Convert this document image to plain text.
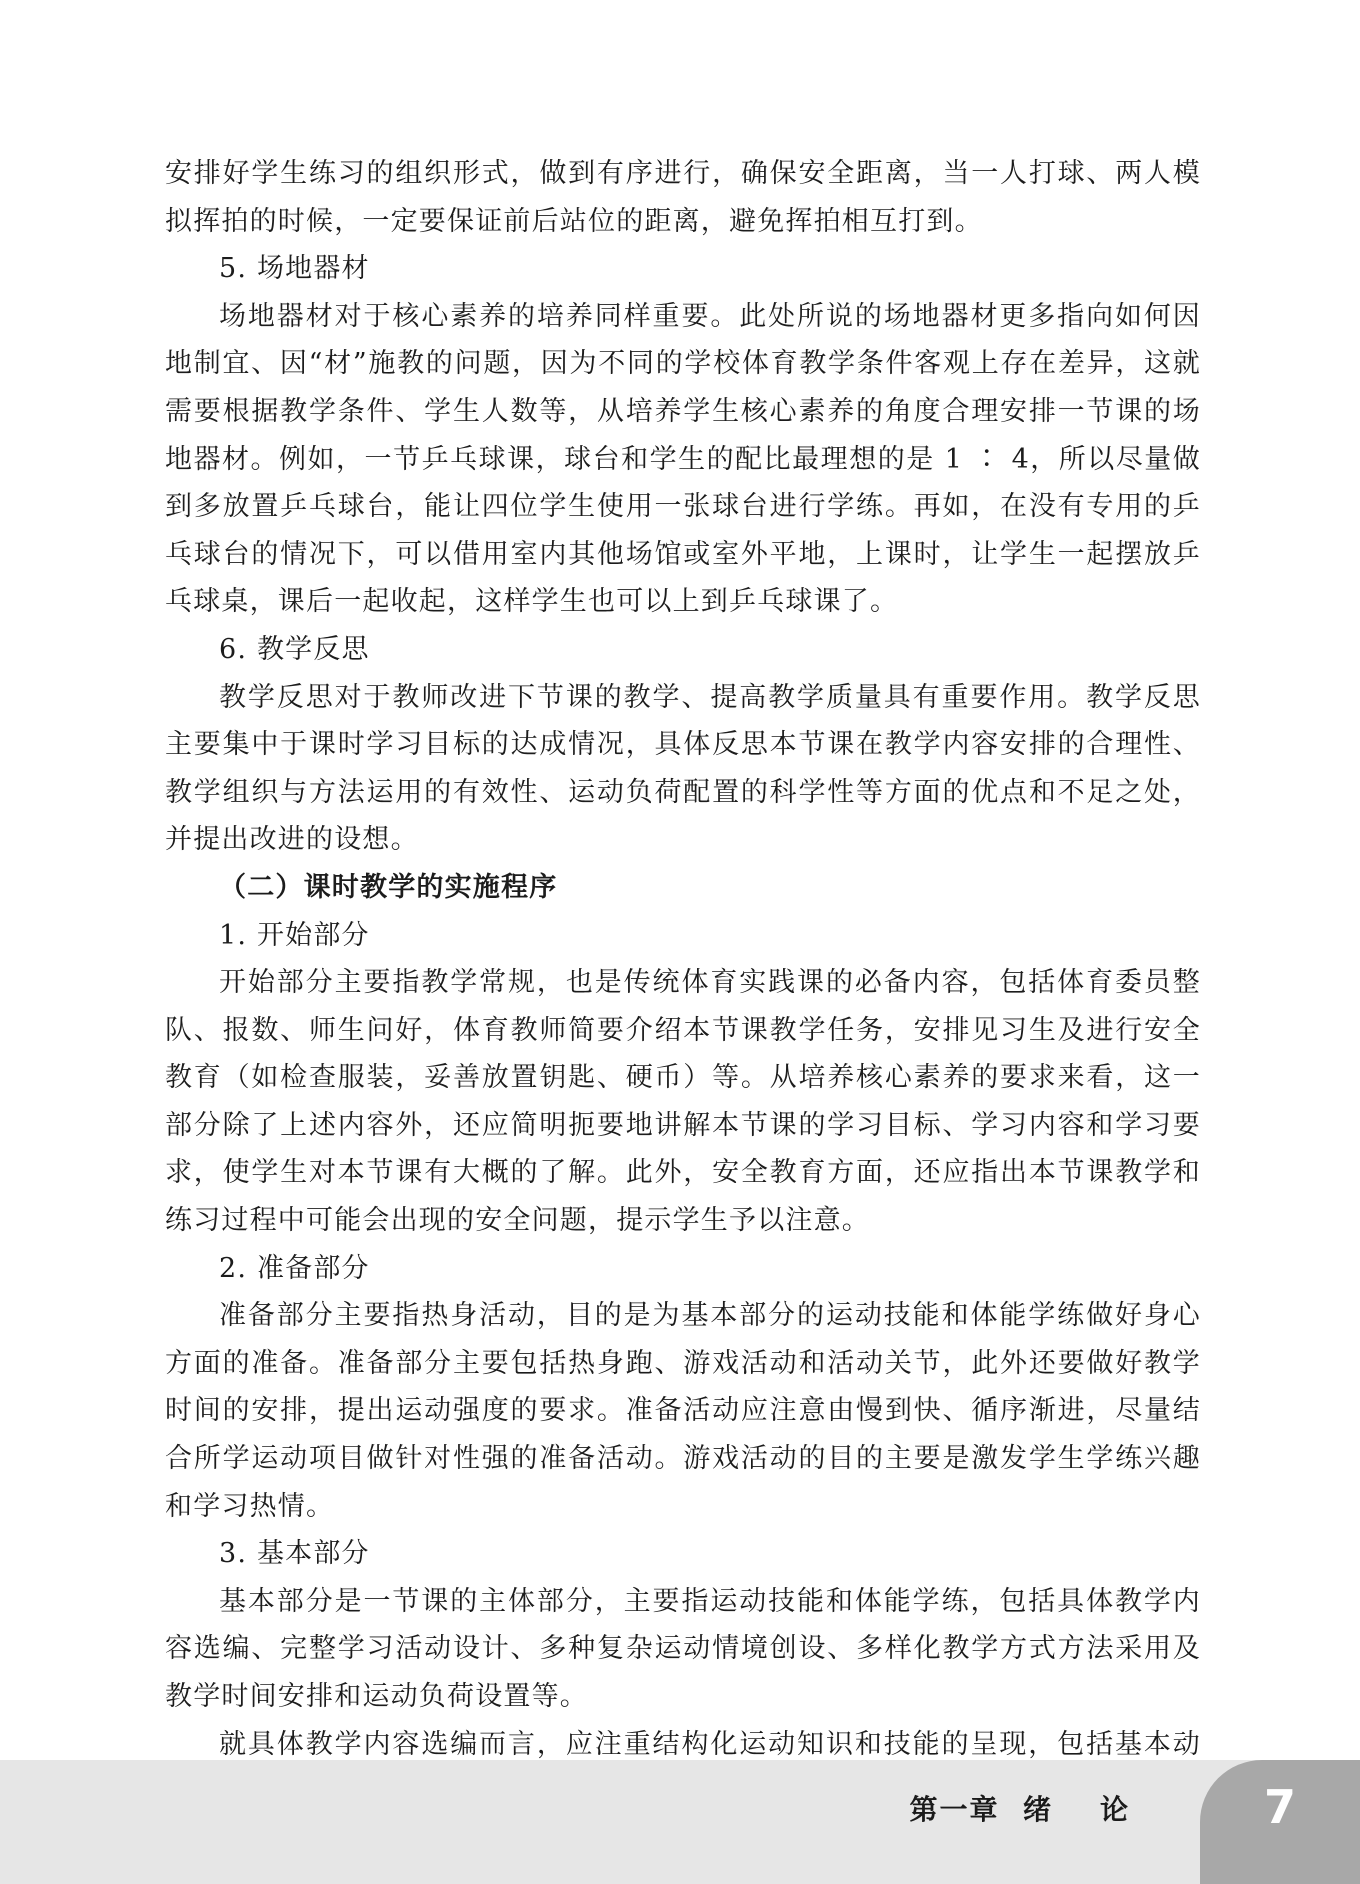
安排好学生练习的组织形式，做到有序进行，确保安全距离，当一人打球、两人模拟挥拍的时候，一定要保证前后站位的距离，避免挥拍相互打到。

5. 场地器材

场地器材对于核心素养的培养同样重要。此处所说的场地器材更多指向如何因地制宜、因“材”施教的问题，因为不同的学校体育教学条件客观上存在差异，这就需要根据教学条件、学生人数等，从培养学生核心素养的角度合理安排一节课的场地器材。例如，一节乒乓球课，球台和学生的配比最理想的是 1 ∶ 4，所以尽量做到多放置乒乓球台，能让四位学生使用一张球台进行学练。再如，在没有专用的乒乓球台的情况下，可以借用室内其他场馆或室外平地，上课时，让学生一起摆放乒乓球桌，课后一起收起，这样学生也可以上到乒乓球课了。

6. 教学反思

教学反思对于教师改进下节课的教学、提高教学质量具有重要作用。教学反思主要集中于课时学习目标的达成情况，具体反思本节课在教学内容安排的合理性、教学组织与方法运用的有效性、运动负荷配置的科学性等方面的优点和不足之处，并提出改进的设想。

（二）课时教学的实施程序

1. 开始部分

开始部分主要指教学常规，也是传统体育实践课的必备内容，包括体育委员整队、报数、师生问好，体育教师简要介绍本节课教学任务，安排见习生及进行安全教育（如检查服装，妥善放置钥匙、硬币）等。从培养核心素养的要求来看，这一部分除了上述内容外，还应简明扼要地讲解本节课的学习目标、学习内容和学习要求，使学生对本节课有大概的了解。此外，安全教育方面，还应指出本节课教学和练习过程中可能会出现的安全问题，提示学生予以注意。

2. 准备部分

准备部分主要指热身活动，目的是为基本部分的运动技能和体能学练做好身心方面的准备。准备部分主要包括热身跑、游戏活动和活动关节，此外还要做好教学时间的安排，提出运动强度的要求。准备活动应注意由慢到快、循序渐进，尽量结合所学运动项目做针对性强的准备活动。游戏活动的目的主要是激发学生学练兴趣和学习热情。

3. 基本部分

基本部分是一节课的主体部分，主要指运动技能和体能学练，包括具体教学内容选编、完整学习活动设计、多种复杂运动情境创设、多样化教学方式方法采用及教学时间安排和运动负荷设置等。

就具体教学内容选编而言，应注重结构化运动知识和技能的呈现，包括基本动

第一章  绪    论	7
